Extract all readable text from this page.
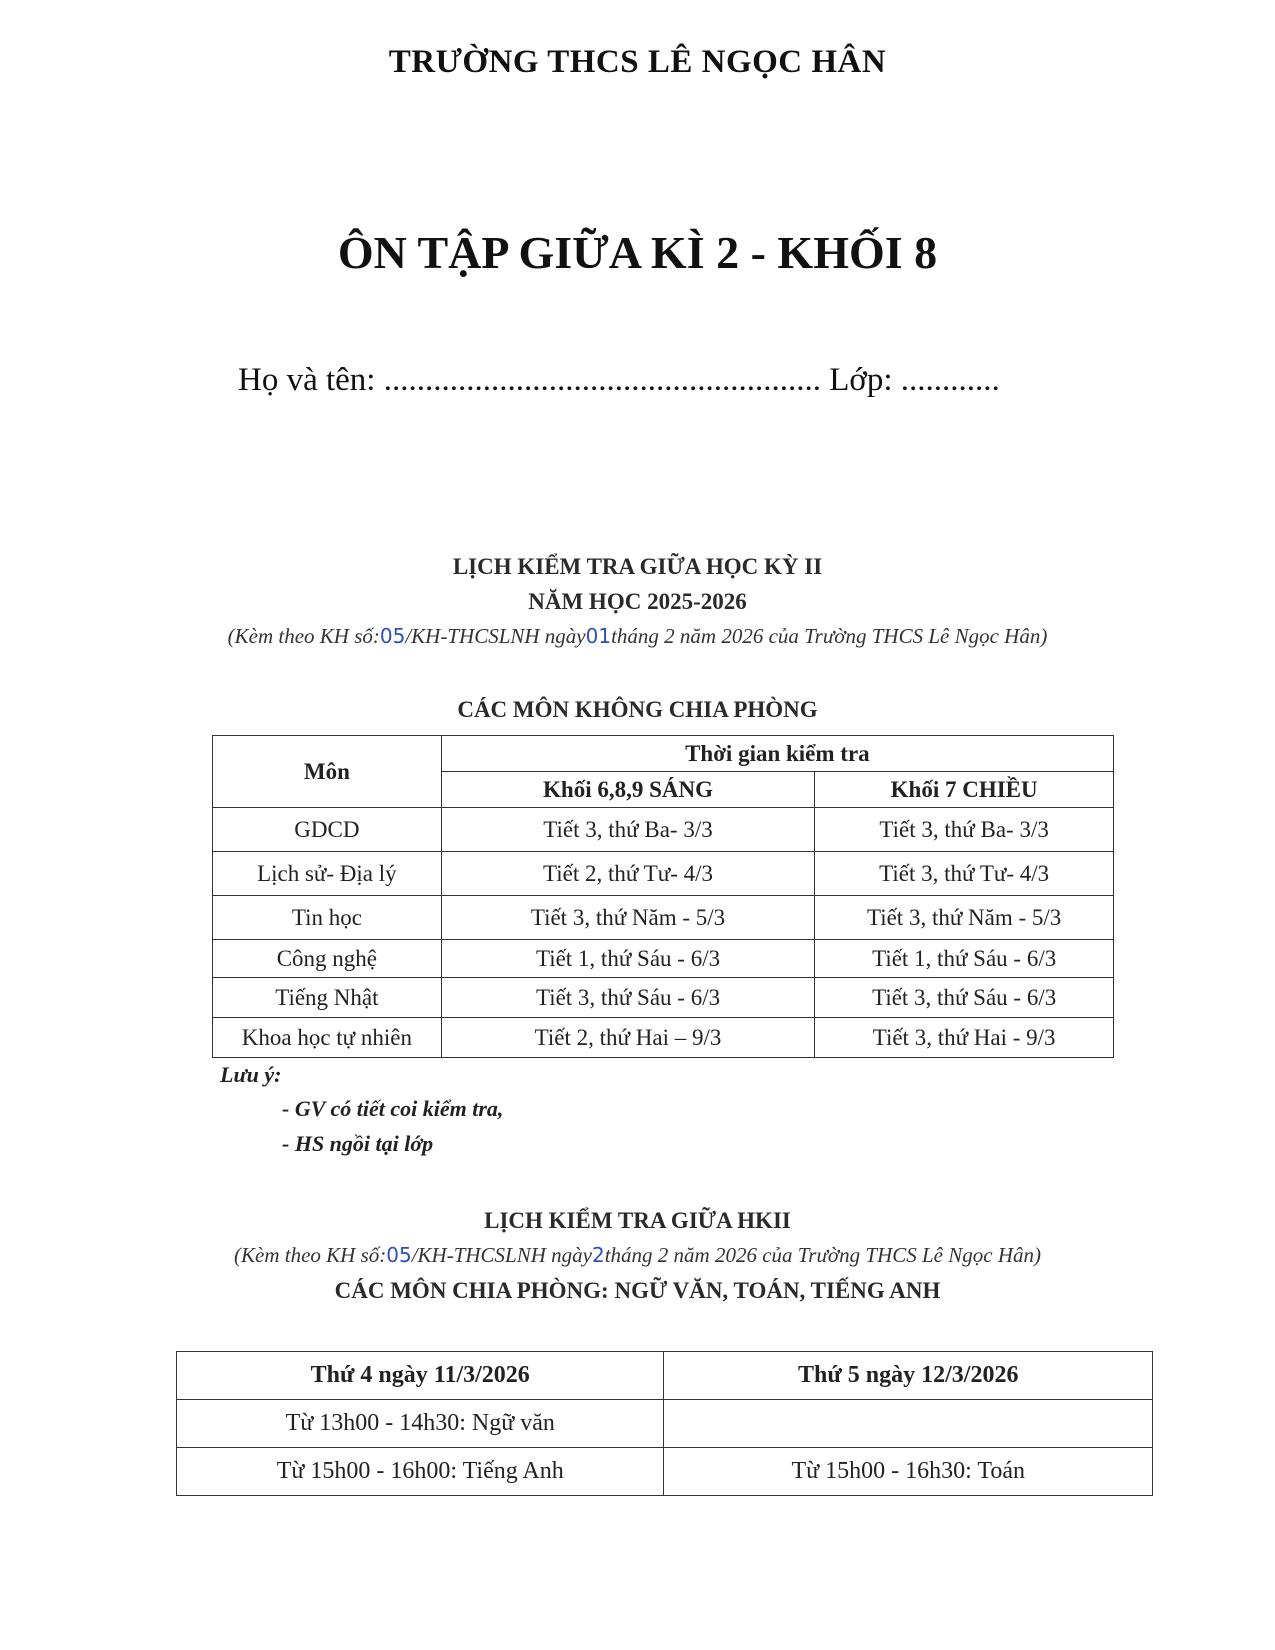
TRƯỜNG THCS LÊ NGỌC HÂN
ÔN TẬP GIỮA KÌ 2 - KHỐI 8
Họ và tên: ..................................................... Lớp: ............
LỊCH KIỂM TRA GIỮA HỌC KỲ II
NĂM HỌC 2025-2026
(Kèm theo KH số:05/KH-THCSLNH ngày01tháng 2 năm 2026 của Trường THCS Lê Ngọc Hân)
CÁC MÔN KHÔNG CHIA PHÒNG
Môn	Thời gian kiểm tra	
	Khối 6,8,9 SÁNG	Khối 7 CHIỀU
GDCD	Tiết 3, thứ Ba- 3/3	Tiết 3, thứ Ba- 3/3
Lịch sử- Địa lý	Tiết 2, thứ Tư- 4/3	Tiết 3, thứ Tư- 4/3
Tin học	Tiết 3, thứ Năm - 5/3	Tiết 3, thứ Năm - 5/3
Công nghệ	Tiết 1, thứ Sáu - 6/3	Tiết 1, thứ Sáu - 6/3
Tiếng Nhật	Tiết 3, thứ Sáu - 6/3	Tiết 3, thứ Sáu - 6/3
Khoa học tự nhiên	Tiết 2, thứ Hai – 9/3	Tiết 3, thứ Hai - 9/3
Lưu ý:
- GV có tiết coi kiểm tra,
- HS ngồi tại lớp
LỊCH KIỂM TRA GIỮA HKII
(Kèm theo KH số:05/KH-THCSLNH ngày2tháng 2 năm 2026 của Trường THCS Lê Ngọc Hân)
CÁC MÔN CHIA PHÒNG: NGỮ VĂN, TOÁN, TIẾNG ANH
Thứ 4 ngày 11/3/2026	Thứ 5 ngày 12/3/2026
Từ 13h00 - 14h30: Ngữ văn	
Từ 15h00 - 16h00: Tiếng Anh	Từ 15h00 - 16h30: Toán
